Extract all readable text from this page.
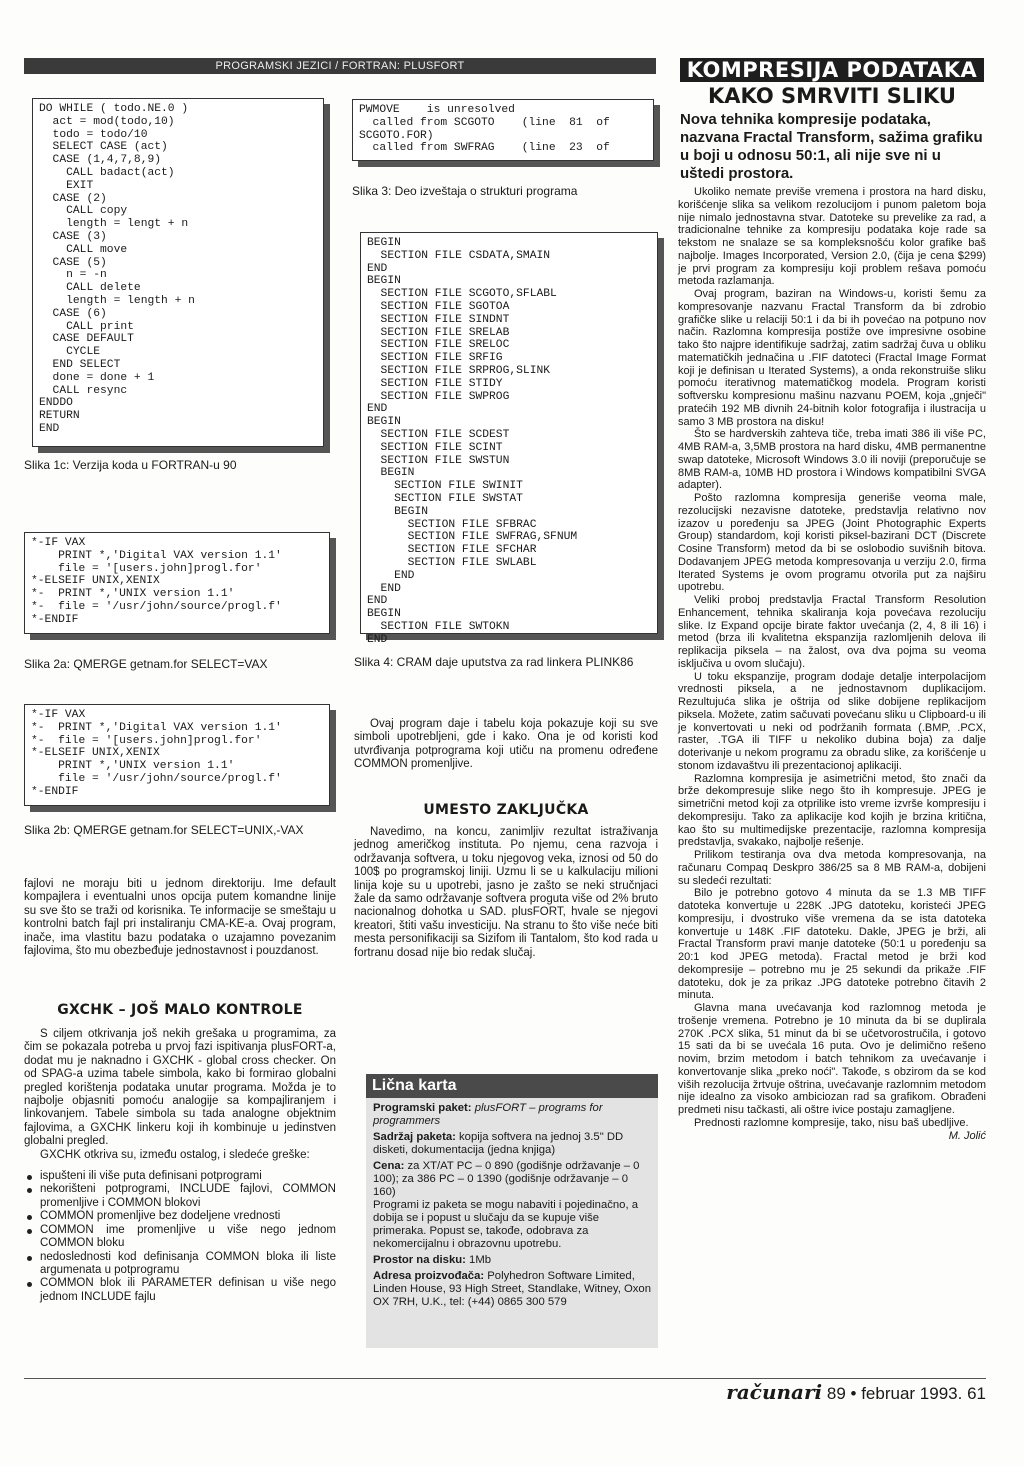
PROGRAMSKI JEZICI / FORTRAN: PLUSFORT
DO WHILE ( todo.NE.0 )
act = mod(todo,10)
todo = todo/10
SELECT CASE (act)
CASE (1,4,7,8,9)
CALL badact(act)
EXIT
CASE (2)
CALL copy
length = lengt + n
CASE (3)
CALL move
CASE (5)
n = -n
CALL delete
length = length + n
CASE (6)
CALL print
CASE DEFAULT
CYCLE
END SELECT
done = done + 1
CALL resync
ENDDO
RETURN
END
Slika 1c: Verzija koda u FORTRAN-u 90
*-IF VAX
PRINT *,'Digital VAX version 1.1'
file = '[users.john]progl.for'
*-ELSEIF UNIX,XENIX
*-  PRINT *,'UNIX version 1.1'
*-  file = '/usr/john/source/progl.f'
*-ENDIF
Slika 2a: QMERGE getnam.for SELECT=VAX
*-IF VAX
*-  PRINT *,'Digital VAX version 1.1'
*-  file = '[users.john]progl.for'
*-ELSEIF UNIX,XENIX
PRINT *,'UNIX version 1.1'
file = '/usr/john/source/progl.f'
*-ENDIF
Slika 2b: QMERGE getnam.for SELECT=UNIX,-VAX
fajlovi ne moraju biti u jednom direktoriju. Ime default kompajlera i eventualni unos opcija putem komandne linije su sve što se traži od korisnika. Te informacije se smeštaju u kontrolni batch fajl pri instaliranju CMA-KE-a. Ovaj program, inače, ima vlastitu bazu podataka o uzajamno povezanim fajlovima, što mu obezbeđuje jednostavnost i pouzdanost.
GXCHK – JOŠ MALO KONTROLE

S ciljem otkrivanja još nekih grešaka u programima, za čim se pokazala potreba u prvoj fazi ispitivanja plusFORT-a, dodat mu je naknadno i GXCHK - global cross checker. On od SPAG-a uzima tabele simbola, kako bi formirao globalni pregled korištenja podataka unutar programa. Možda je to najbolje objasniti pomoću analogije sa kompajliranjem i linkovanjem. Tabele simbola su tada analogne objektnim fajlovima, a GXCHK linkeru koji ih kombinuje u jedinstven globalni pregled.

GXCHK otkriva su, između ostalog, i sledeće greške:

ispušteni ili više puta definisani potprogrami
nekorišteni potprogrami, INCLUDE fajlovi, COMMON promenljive i COMMON blokovi
COMMON promenljive bez dodeljene vrednosti
COMMON ime promenljive u više nego jednom COMMON bloku
nedoslednosti kod definisanja COMMON bloka ili liste argumenata u potprogramu
COMMON blok ili PARAMETER definisan u više nego jednom INCLUDE fajlu
PWMOVE    is unresolved
called from SCGOTO    (line  81  of
SCGOTO.FOR)
called from SWFRAG    (line  23  of
Slika 3: Deo izveštaja o strukturi programa
BEGIN
SECTION FILE CSDATA,SMAIN
END
BEGIN
SECTION FILE SCGOTO,SFLABL
SECTION FILE SGOTOA
SECTION FILE SINDNT
SECTION FILE SRELAB
SECTION FILE SRELOC
SECTION FILE SRFIG
SECTION FILE SRPROG,SLINK
SECTION FILE STIDY
SECTION FILE SWPROG
END
BEGIN
SECTION FILE SCDEST
SECTION FILE SCINT
SECTION FILE SWSTUN
BEGIN
SECTION FILE SWINIT
SECTION FILE SWSTAT
BEGIN
SECTION FILE SFBRAC
SECTION FILE SWFRAG,SFNUM
SECTION FILE SFCHAR
SECTION FILE SWLABL
END
END
END
BEGIN
SECTION FILE SWTOKN
END
Slika 4: CRAM daje uputstva za rad linkera PLINK86

Ovaj program daje i tabelu koja pokazuje koji su sve simboli upotrebljeni, gde i kako. Ona je od koristi kod utvrđivanja potprograma koji utiču na promenu određene COMMON promenljive.

UMESTO ZAKLJUČKA

Navedimo, na koncu, zanimljiv rezultat istraživanja jednog američkog instituta. Po njemu, cena razvoja i održavanja softvera, u toku njegovog veka, iznosi od 50 do 100$ po programskoj liniji. Uzmu li se u kalkulaciju milioni linija koje su u upotrebi, jasno je zašto se neki stručnjaci žale da samo održavanje softvera proguta više od 2% bruto nacionalnog dohotka u SAD. plusFORT, hvale se njegovi kreatori, štiti vašu investiciju. Na stranu to što više neće biti mesta personifikaciji sa Sizifom ili Tantalom, što kod rada u fortranu dosad nije bio redak slučaj.

Lična karta

Programski paket: plusFORT – programs for programmers

Sadržaj paketa: kopija softvera na jednoj 3.5" DD disketi, dokumentacija (jedna knjiga)

Cena: za XT/AT PC – 0 890 (godišnje održavanje – 0 100); za 386 PC – 0 1390 (godišnje održavanje – 0 160)

Programi iz paketa se mogu nabaviti i pojedinačno, a dobija se i popust u slučaju da se kupuje više primeraka. Popust se, takođe, odobrava za nekomercijalnu i obrazovnu upotrebu.

Prostor na disku: 1Mb

Adresa proizvođača: Polyhedron Software Limited, Linden House, 93 High Street, Standlake, Witney, Oxon OX 7RH, U.K., tel: (+44) 0865 300 579

KOMPRESIJA PODATAKA
KAKO SMRVITI SLIKU
Nova tehnika kompresije podataka, nazvana Fractal Transform, sažima grafiku u boji u odnosu 50:1, ali nije sve ni u uštedi prostora.

Ukoliko nemate previše vremena i prostora na hard disku, korišćenje slika sa velikom rezolucijom i punom paletom boja nije nimalo jednostavna stvar. Datoteke su prevelike za rad, a tradicionalne tehnike za kompresiju podataka koje rade sa tekstom ne snalaze se sa kompleksnošću kolor grafike baš najbolje. Images Incorporated, Version 2.0, (čija je cena $299) je prvi program za kompresiju koji problem rešava pomoću metoda razlamanja.

Ovaj program, baziran na Windows-u, koristi šemu za kompresovanje nazvanu Fractal Transform da bi zdrobio grafičke slike u relaciji 50:1 i da bi ih povećao na potpuno nov način. Razlomna kompresija postiže ove impresivne osobine tako što najpre identifikuje sadržaj, zatim sadržaj čuva u obliku matematičkih jednačina u .FIF datoteci (Fractal Image Format koji je definisan u Iterated Systems), a onda rekonstruiše sliku pomoću iterativnog matematičkog modela. Program koristi softversku kompresionu mašinu nazvanu POEM, koja „gnječi" pratećih 192 MB divnih 24-bitnih kolor fotografija i ilustracija u samo 3 MB prostora na disku!

Što se hardverskih zahteva tiče, treba imati 386 ili više PC, 4MB RAM-a, 3,5MB prostora na hard disku, 4MB permanentne swap datoteke, Microsoft Windows 3.0 ili noviji (preporučuje se 8MB RAM-a, 10MB HD prostora i Windows kompatibilni SVGA adapter).

Pošto razlomna kompresija generiše veoma male, rezolucijski nezavisne datoteke, predstavlja relativno nov izazov u poređenju sa JPEG (Joint Photographic Experts Group) standardom, koji koristi piksel-bazirani DCT (Discrete Cosine Transform) metod da bi se oslobodio suvišnih bitova. Dodavanjem JPEG metoda kompresovanja u verziju 2.0, firma Iterated Systems je ovom programu otvorila put za najširu upotrebu.

Veliki proboj predstavlja Fractal Transform Resolution Enhancement, tehnika skaliranja koja povećava rezoluciju slike. Iz Expand opcije birate faktor uvećanja (2, 4, 8 ili 16) i metod (brza ili kvalitetna ekspanzija razlomljenih delova ili replikacija piksela – na žalost, ova dva pojma su veoma isključiva u ovom slučaju).

U toku ekspanzije, program dodaje detalje interpolacijom vrednosti piksela, a ne jednostavnom duplikacijom. Rezultujuća slika je oštrija od slike dobijene replikacijom piksela. Možete, zatim sačuvati povećanu sliku u Clipboard-u ili je konvertovati u neki od podržanih formata (.BMP, .PCX, raster, .TGA ili TIFF u nekoliko dubina boja) za dalje doterivanje u nekom programu za obradu slike, za korišćenje u stonom izdavaštvu ili prezentacionoj aplikaciji.

Razlomna kompresija je asimetrični metod, što znači da brže dekompresuje slike nego što ih kompresuje. JPEG je simetrični metod koji za otprilike isto vreme izvrše kompresiju i dekompresiju. Tako za aplikacije kod kojih je brzina kritična, kao što su multimedijske prezentacije, razlomna kompresija predstavlja, svakako, najbolje rešenje.

Prilikom testiranja ova dva metoda kompresovanja, na računaru Compaq Deskpro 386/25 sa 8 MB RAM-a, dobijeni su sledeći rezultati:

Bilo je potrebno gotovo 4 minuta da se 1.3 MB TIFF datoteka konvertuje u 228K .JPG datoteku, koristeći JPEG kompresiju, i dvostruko više vremena da se ista datoteka konvertuje u 148K .FIF datoteku. Dakle, JPEG je brži, ali Fractal Transform pravi manje datoteke (50:1 u poređenju sa 20:1 kod JPEG metoda). Fractal metod je brži kod dekompresije – potrebno mu je 25 sekundi da prikaže .FIF datoteku, dok je za prikaz .JPG datoteke potrebno čitavih 2 minuta.

Glavna mana uvećavanja kod razlomnog metoda je trošenje vremena. Potrebno je 10 minuta da bi se duplirala 270K .PCX slika, 51 minut da bi se učetvorostručila, i gotovo 15 sati da bi se uvećala 16 puta. Ovo je delimično rešeno novim, brzim metodom i batch tehnikom za uvećavanje i konvertovanje slika „preko noći". Takođe, s obzirom da se kod viših rezolucija žrtvuje oštrina, uvećavanje razlomnim metodom nije idealno za visoko ambiciozan rad sa grafikom. Obrađeni predmeti nisu tačkasti, ali oštre ivice postaju zamagljene.

Prednosti razlomne kompresije, tako, nisu baš ubedljive.

M. Jolić
računari 89 • februar 1993. 61
